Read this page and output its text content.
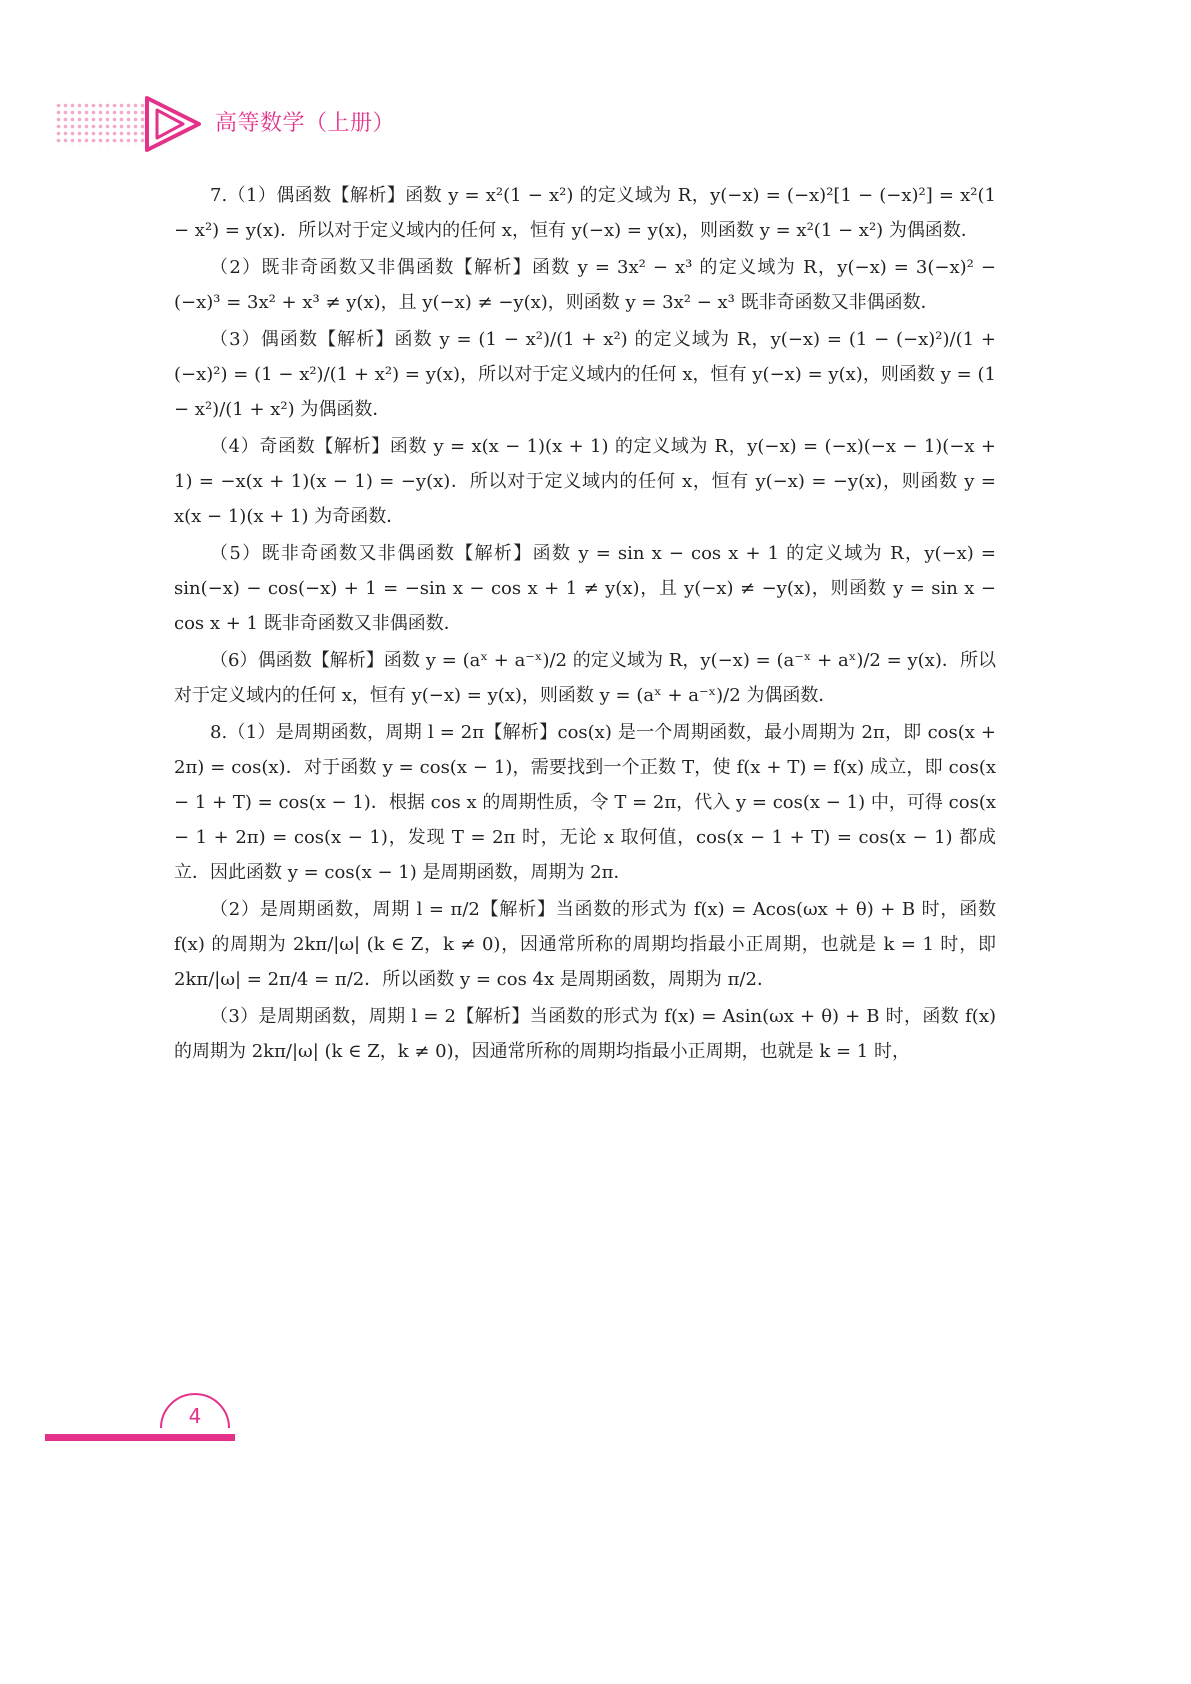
高等数学（上册）

7.（1）偶函数【解析】函数 y = x²(1 − x²) 的定义域为 R，y(−x) = (−x)²[1 − (−x)²] = x²(1 − x²) = y(x)．所以对于定义域内的任何 x，恒有 y(−x) = y(x)，则函数 y = x²(1 − x²) 为偶函数．

（2）既非奇函数又非偶函数【解析】函数 y = 3x² − x³ 的定义域为 R，y(−x) = 3(−x)² − (−x)³ = 3x² + x³ ≠ y(x)，且 y(−x) ≠ −y(x)，则函数 y = 3x² − x³ 既非奇函数又非偶函数．

（3）偶函数【解析】函数 y = (1 − x²)/(1 + x²) 的定义域为 R，y(−x) = (1 − (−x)²)/(1 + (−x)²) = (1 − x²)/(1 + x²) = y(x)，所以对于定义域内的任何 x，恒有 y(−x) = y(x)，则函数 y = (1 − x²)/(1 + x²) 为偶函数．

（4）奇函数【解析】函数 y = x(x − 1)(x + 1) 的定义域为 R，y(−x) = (−x)(−x − 1)(−x + 1) = −x(x + 1)(x − 1) = −y(x)．所以对于定义域内的任何 x，恒有 y(−x) = −y(x)，则函数 y = x(x − 1)(x + 1) 为奇函数．

（5）既非奇函数又非偶函数【解析】函数 y = sin x − cos x + 1 的定义域为 R，y(−x) = sin(−x) − cos(−x) + 1 = −sin x − cos x + 1 ≠ y(x)，且 y(−x) ≠ −y(x)，则函数 y = sin x − cos x + 1 既非奇函数又非偶函数．

（6）偶函数【解析】函数 y = (aˣ + a⁻ˣ)/2 的定义域为 R，y(−x) = (a⁻ˣ + aˣ)/2 = y(x)．所以对于定义域内的任何 x，恒有 y(−x) = y(x)，则函数 y = (aˣ + a⁻ˣ)/2 为偶函数．

8.（1）是周期函数，周期 l = 2π【解析】cos(x) 是一个周期函数，最小周期为 2π，即 cos(x + 2π) = cos(x)．对于函数 y = cos(x − 1)，需要找到一个正数 T，使 f(x + T) = f(x) 成立，即 cos(x − 1 + T) = cos(x − 1)．根据 cos x 的周期性质，令 T = 2π，代入 y = cos(x − 1) 中，可得 cos(x − 1 + 2π) = cos(x − 1)，发现 T = 2π 时，无论 x 取何值，cos(x − 1 + T) = cos(x − 1) 都成立．因此函数 y = cos(x − 1) 是周期函数，周期为 2π．

（2）是周期函数，周期 l = π/2【解析】当函数的形式为 f(x) = Acos(ωx + θ) + B 时，函数 f(x) 的周期为 2kπ/|ω| (k ∈ Z，k ≠ 0)，因通常所称的周期均指最小正周期，也就是 k = 1 时，即 2kπ/|ω| = 2π/4 = π/2．所以函数 y = cos 4x 是周期函数，周期为 π/2．

（3）是周期函数，周期 l = 2【解析】当函数的形式为 f(x) = Asin(ωx + θ) + B 时，函数 f(x) 的周期为 2kπ/|ω| (k ∈ Z，k ≠ 0)，因通常所称的周期均指最小正周期，也就是 k = 1 时，

4
